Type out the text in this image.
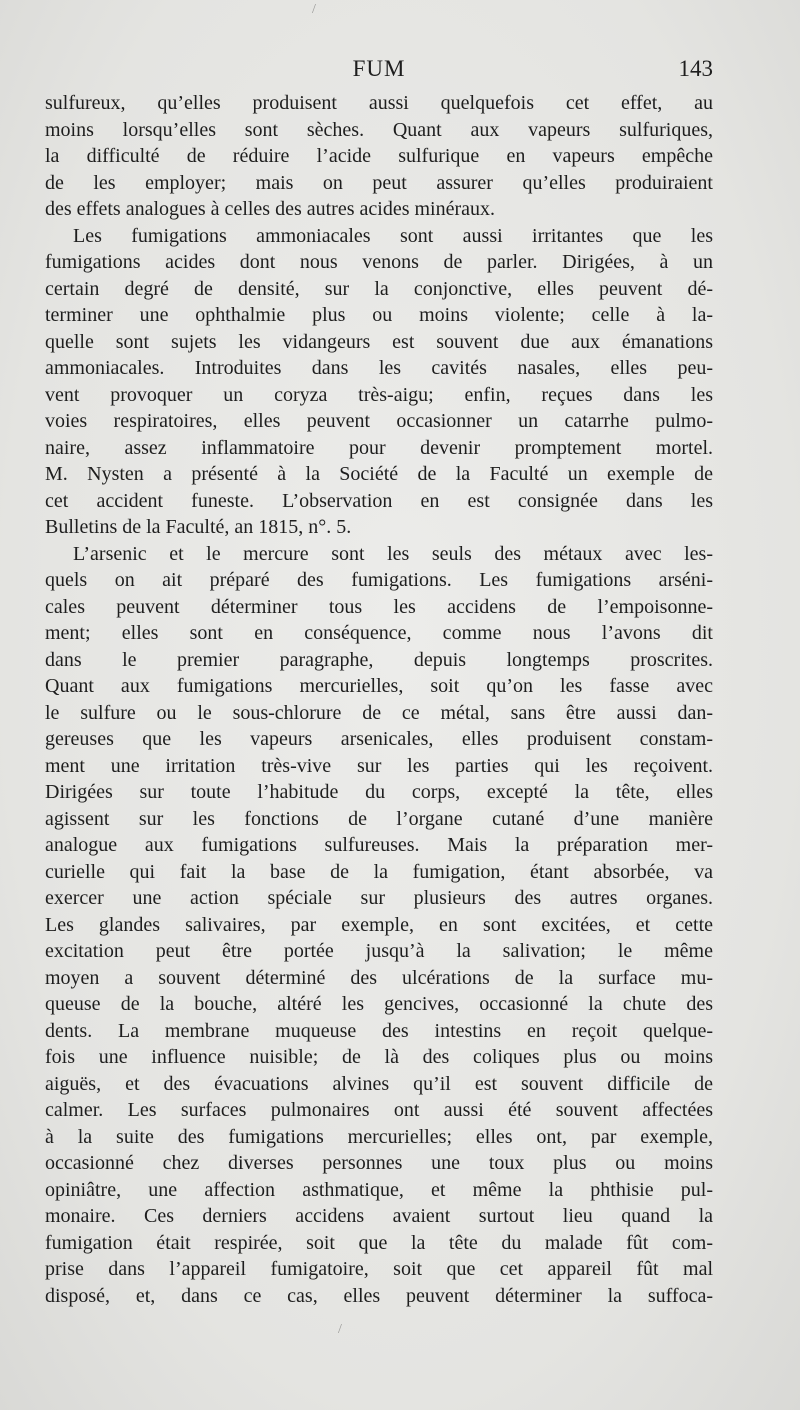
/
FUM	143
sulfureux, qu’elles produisent aussi quelquefois cet effet, au
moins lorsqu’elles sont sèches. Quant aux vapeurs sulfuriques,
la difficulté de réduire l’acide sulfurique en vapeurs empêche
de les employer; mais on peut assurer qu’elles produiraient
des effets analogues à celles des autres acides minéraux.
Les fumigations ammoniacales sont aussi irritantes que les
fumigations acides dont nous venons de parler. Dirigées, à un
certain degré de densité, sur la conjonctive, elles peuvent dé-
terminer une ophthalmie plus ou moins violente; celle à la-
quelle sont sujets les vidangeurs est souvent due aux émanations
ammoniacales. Introduites dans les cavités nasales, elles peu-
vent provoquer un coryza très-aigu; enfin, reçues dans les
voies respiratoires, elles peuvent occasionner un catarrhe pulmo-
naire, assez inflammatoire pour devenir promptement mortel.
M. Nysten a présenté à la Société de la Faculté un exemple de
cet accident funeste. L’observation en est consignée dans les
Bulletins de la Faculté, an 1815, n°. 5.
L’arsenic et le mercure sont les seuls des métaux avec les-
quels on ait préparé des fumigations. Les fumigations arséni-
cales peuvent déterminer tous les accidens de l’empoisonne-
ment; elles sont en conséquence, comme nous l’avons dit
dans le premier paragraphe, depuis longtemps proscrites.
Quant aux fumigations mercurielles, soit qu’on les fasse avec
le sulfure ou le sous-chlorure de ce métal, sans être aussi dan-
gereuses que les vapeurs arsenicales, elles produisent constam-
ment une irritation très-vive sur les parties qui les reçoivent.
Dirigées sur toute l’habitude du corps, excepté la tête, elles
agissent sur les fonctions de l’organe cutané d’une manière
analogue aux fumigations sulfureuses. Mais la préparation mer-
curielle qui fait la base de la fumigation, étant absorbée, va
exercer une action spéciale sur plusieurs des autres organes.
Les glandes salivaires, par exemple, en sont excitées, et cette
excitation peut être portée jusqu’à la salivation; le même
moyen a souvent déterminé des ulcérations de la surface mu-
queuse de la bouche, altéré les gencives, occasionné la chute des
dents. La membrane muqueuse des intestins en reçoit quelque-
fois une influence nuisible; de là des coliques plus ou moins
aiguës, et des évacuations alvines qu’il est souvent difficile de
calmer. Les surfaces pulmonaires ont aussi été souvent affectées
à la suite des fumigations mercurielles; elles ont, par exemple,
occasionné chez diverses personnes une toux plus ou moins
opiniâtre, une affection asthmatique, et même la phthisie pul-
monaire. Ces derniers accidens avaient surtout lieu quand la
fumigation était respirée, soit que la tête du malade fût com-
prise dans l’appareil fumigatoire, soit que cet appareil fût mal
disposé, et, dans ce cas, elles peuvent déterminer la suffoca-
/
